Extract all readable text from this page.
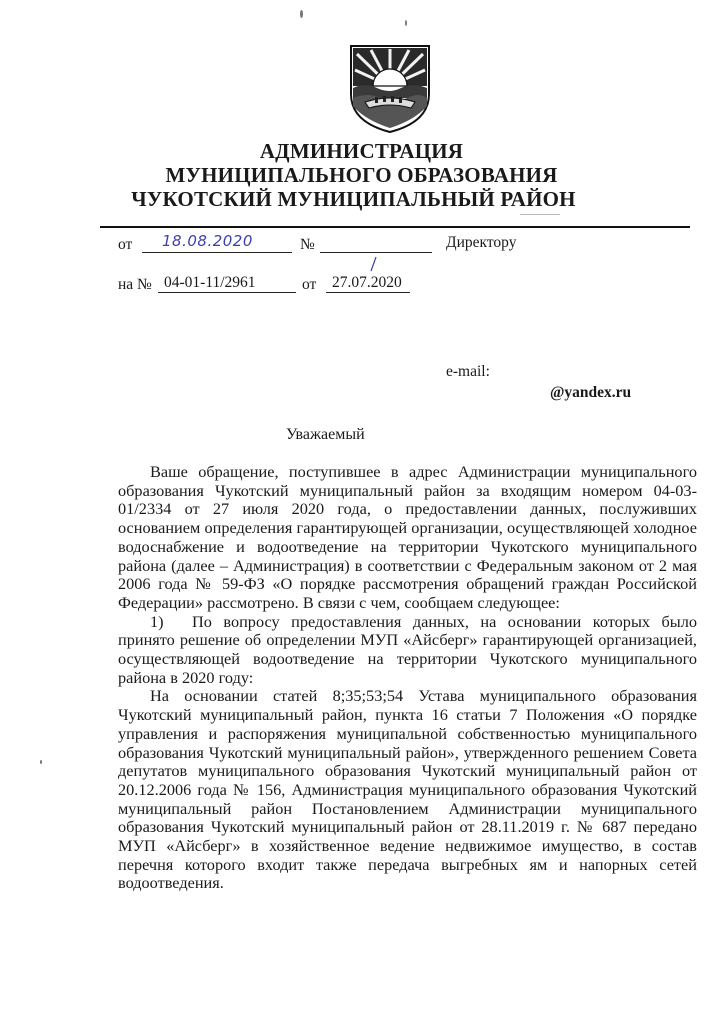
АДМИНИСТРАЦИЯ
МУНИЦИПАЛЬНОГО ОБРАЗОВАНИЯ
ЧУКОТСКИЙ МУНИЦИПАЛЬНЫЙ РАЙОН
от 18.08.2020	№	Директору
на № 04-01-11/2961	от 27.07.2020
e-mail:
@yandex.ru
Уважаемый

Ваше обращение, поступившее в адрес Администрации муниципального образования Чукотский муниципальный район за входящим номером 04-03-01/2334 от 27 июля 2020 года, о предоставлении данных, послуживших основанием определения гарантирующей организации, осуществляющей холодное водоснабжение и водоотведение на территории Чукотского муниципального района (далее – Администрация) в соответствии с Федеральным законом от 2 мая 2006 года № 59-ФЗ «О порядке рассмотрения обращений граждан Российской Федерации» рассмотрено. В связи с чем, сообщаем следующее:

1) По вопросу предоставления данных, на основании которых было принято решение об определении МУП «Айсберг» гарантирующей организацией, осуществляющей водоотведение на территории Чукотского муниципального района в 2020 году:

На основании статей 8;35;53;54 Устава муниципального образования Чукотский муниципальный район, пункта 16 статьи 7 Положения «О порядке управления и распоряжения муниципальной собственностью муниципального образования Чукотский муниципальный район», утвержденного решением Совета депутатов муниципального образования Чукотский муниципальный район от 20.12.2006 года № 156, Администрация муниципального образования Чукотский муниципальный район Постановлением Администрации муниципального образования Чукотский муниципальный район от 28.11.2019 г. № 687 передано МУП «Айсберг» в хозяйственное ведение недвижимое имущество, в состав перечня которого входит также передача выгребных ям и напорных сетей водоотведения.
